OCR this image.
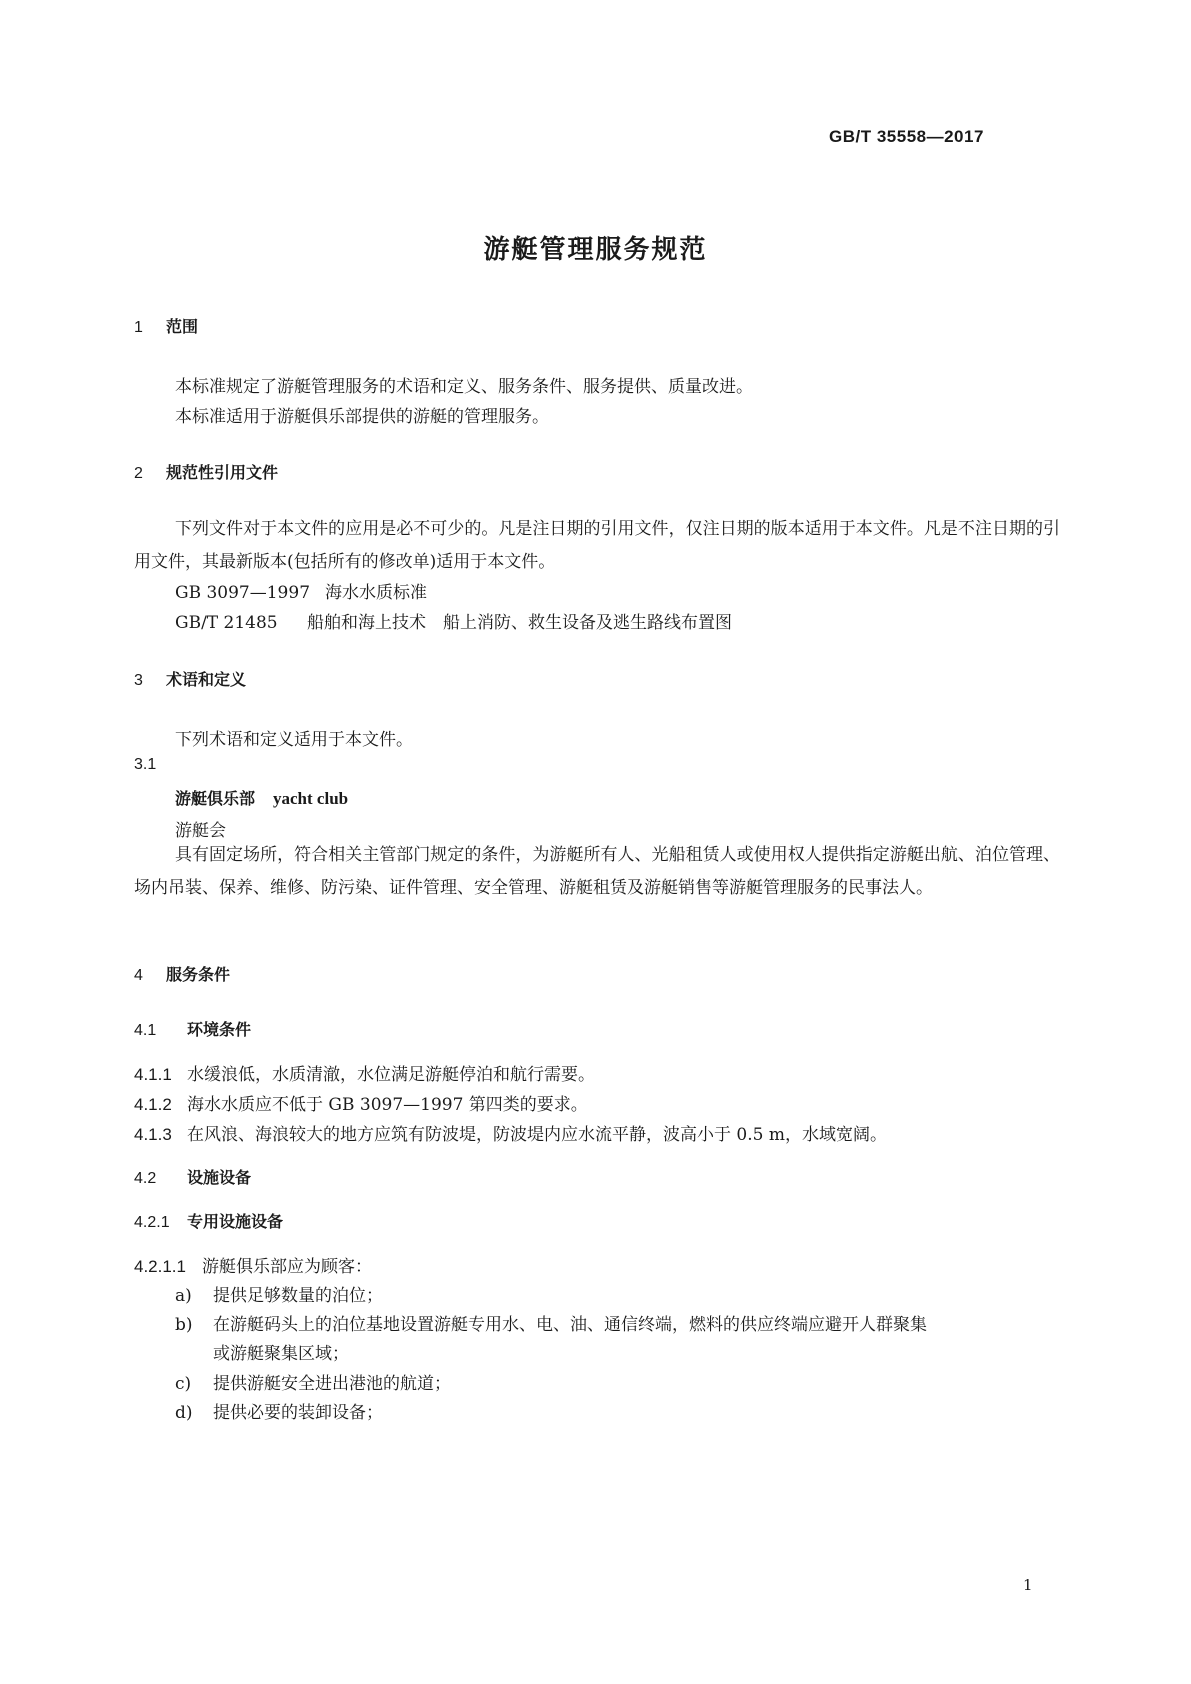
GB/T 35558—2017
游艇管理服务规范
1 范围
本标准规定了游艇管理服务的术语和定义、服务条件、服务提供、质量改进。
本标准适用于游艇俱乐部提供的游艇的管理服务。
2 规范性引用文件
下列文件对于本文件的应用是必不可少的。凡是注日期的引用文件，仅注日期的版本适用于本文件。凡是不注日期的引用文件，其最新版本(包括所有的修改单)适用于本文件。
GB 3097—1997 海水水质标准
GB/T 21485 船舶和海上技术　船上消防、救生设备及逃生路线布置图
3 术语和定义
下列术语和定义适用于本文件。
3.1
游艇俱乐部 yacht club
游艇会
具有固定场所，符合相关主管部门规定的条件，为游艇所有人、光船租赁人或使用权人提供指定游艇出航、泊位管理、场内吊装、保养、维修、防污染、证件管理、安全管理、游艇租赁及游艇销售等游艇管理服务的民事法人。
4 服务条件
4.1 环境条件
4.1.1 水缓浪低，水质清澈，水位满足游艇停泊和航行需要。
4.1.2 海水水质应不低于 GB 3097—1997 第四类的要求。
4.1.3 在风浪、海浪较大的地方应筑有防波堤，防波堤内应水流平静，波高小于 0.5 m，水域宽阔。
4.2 设施设备
4.2.1 专用设施设备
4.2.1.1 游艇俱乐部应为顾客：
a) 提供足够数量的泊位；
b) 在游艇码头上的泊位基地设置游艇专用水、电、油、通信终端，燃料的供应终端应避开人群聚集
或游艇聚集区域；
c) 提供游艇安全进出港池的航道；
d) 提供必要的装卸设备；
1
